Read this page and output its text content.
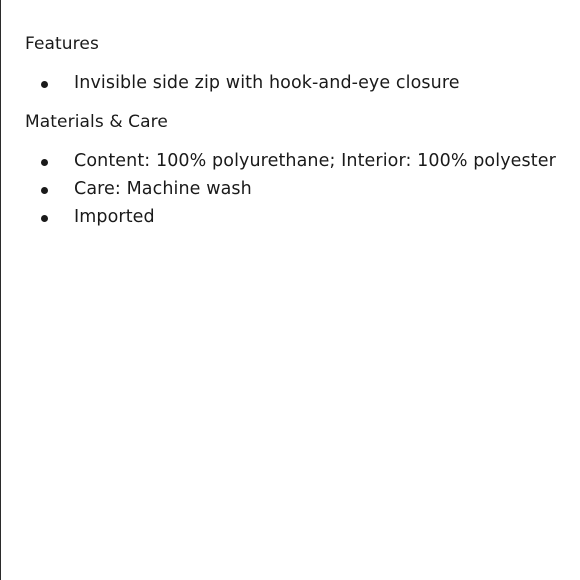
Features
Invisible side zip with hook-and-eye closure
Materials & Care
Content: 100% polyurethane; Interior: 100% polyester
Care: Machine wash
Imported
